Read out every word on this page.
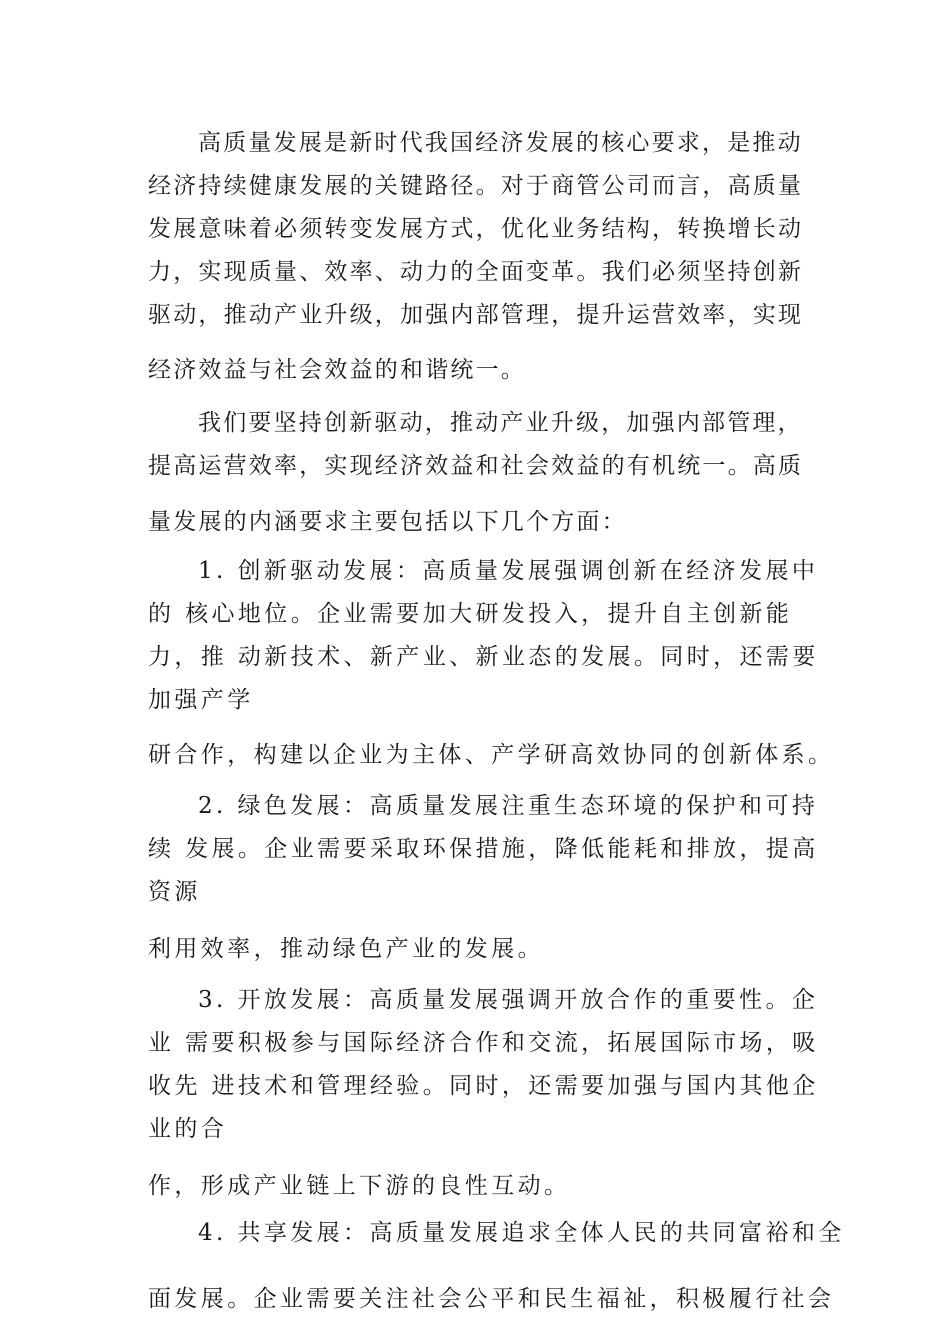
高质量发展是新时代我国经济发展的核心要求，是推动
经济持续健康发展的关键路径。对于商管公司而言，高质量
发展意味着必须转变发展方式，优化业务结构，转换增长动
力，实现质量、效率、动力的全面变革。我们必须坚持创新
驱动，推动产业升级，加强内部管理，提升运营效率，实现
经济效益与社会效益的和谐统一。
我们要坚持创新驱动，推动产业升级，加强内部管理，
提高运营效率，实现经济效益和社会效益的有机统一。高质
量发展的内涵要求主要包括以下几个方面：
1. 创新驱动发展：高质量发展强调创新在经济发展中
的 核心地位。企业需要加大研发投入，提升自主创新能
力，推 动新技术、新产业、新业态的发展。同时，还需要
加强产学
研合作，构建以企业为主体、产学研高效协同的创新体系。
2. 绿色发展：高质量发展注重生态环境的保护和可持
续 发展。企业需要采取环保措施，降低能耗和排放，提高
资源
利用效率，推动绿色产业的发展。
3. 开放发展：高质量发展强调开放合作的重要性。企
业 需要积极参与国际经济合作和交流，拓展国际市场，吸
收先 进技术和管理经验。同时，还需要加强与国内其他企
业的合
作，形成产业链上下游的良性互动。
4. 共享发展：高质量发展追求全体人民的共同富裕和全
面发展。企业需要关注社会公平和民生福祉，积极履行社会
